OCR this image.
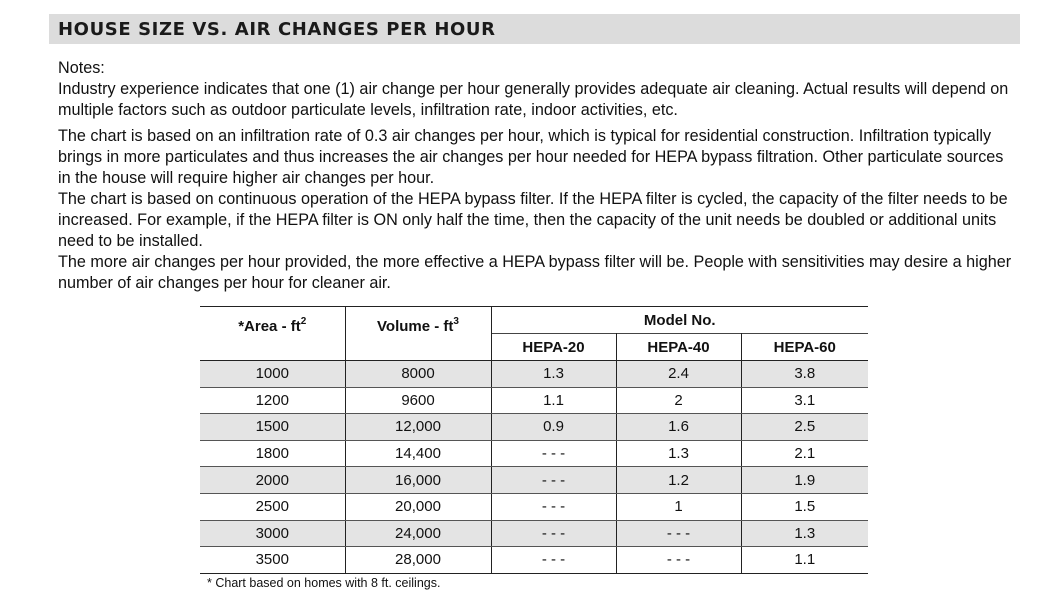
HOUSE SIZE VS. AIR CHANGES PER HOUR

Notes:

Industry experience indicates that one (1) air change per hour generally provides adequate air cleaning. Actual results will depend on multiple factors such as outdoor particulate levels, infiltration rate, indoor activities, etc.

The chart is based on an infiltration rate of 0.3 air changes per hour, which is typical for residential construction. Infiltration typically brings in more particulates and thus increases the air changes per hour needed for HEPA bypass filtration. Other particulate sources in the house will require higher air changes per hour.

The chart is based on continuous operation of the HEPA bypass filter. If the HEPA filter is cycled, the capacity of the filter needs to be increased. For example, if the HEPA filter is ON only half the time, then the capacity of the unit needs be doubled or additional units need to be installed.

The more air changes per hour provided, the more effective a HEPA bypass filter will be. People with sensitivities may desire a higher number of air changes per hour for cleaner air.

*Area - $ft^2$	Volume - $ft^3$	Model No.		
		HEPA-20	HEPA-40	HEPA-60
1000	8000	1.3	2.4	3.8
1200	9600	1.1	2	3.1
1500	12,000	0.9	1.6	2.5
1800	14,400	- - -	1.3	2.1
2000	16,000	- - -	1.2	1.9
2500	20,000	- - -	1	1.5
3000	24,000	- - -	- - -	1.3
3500	28,000	- - -	- - -	1.1
* Chart based on homes with 8 ft. ceilings.
